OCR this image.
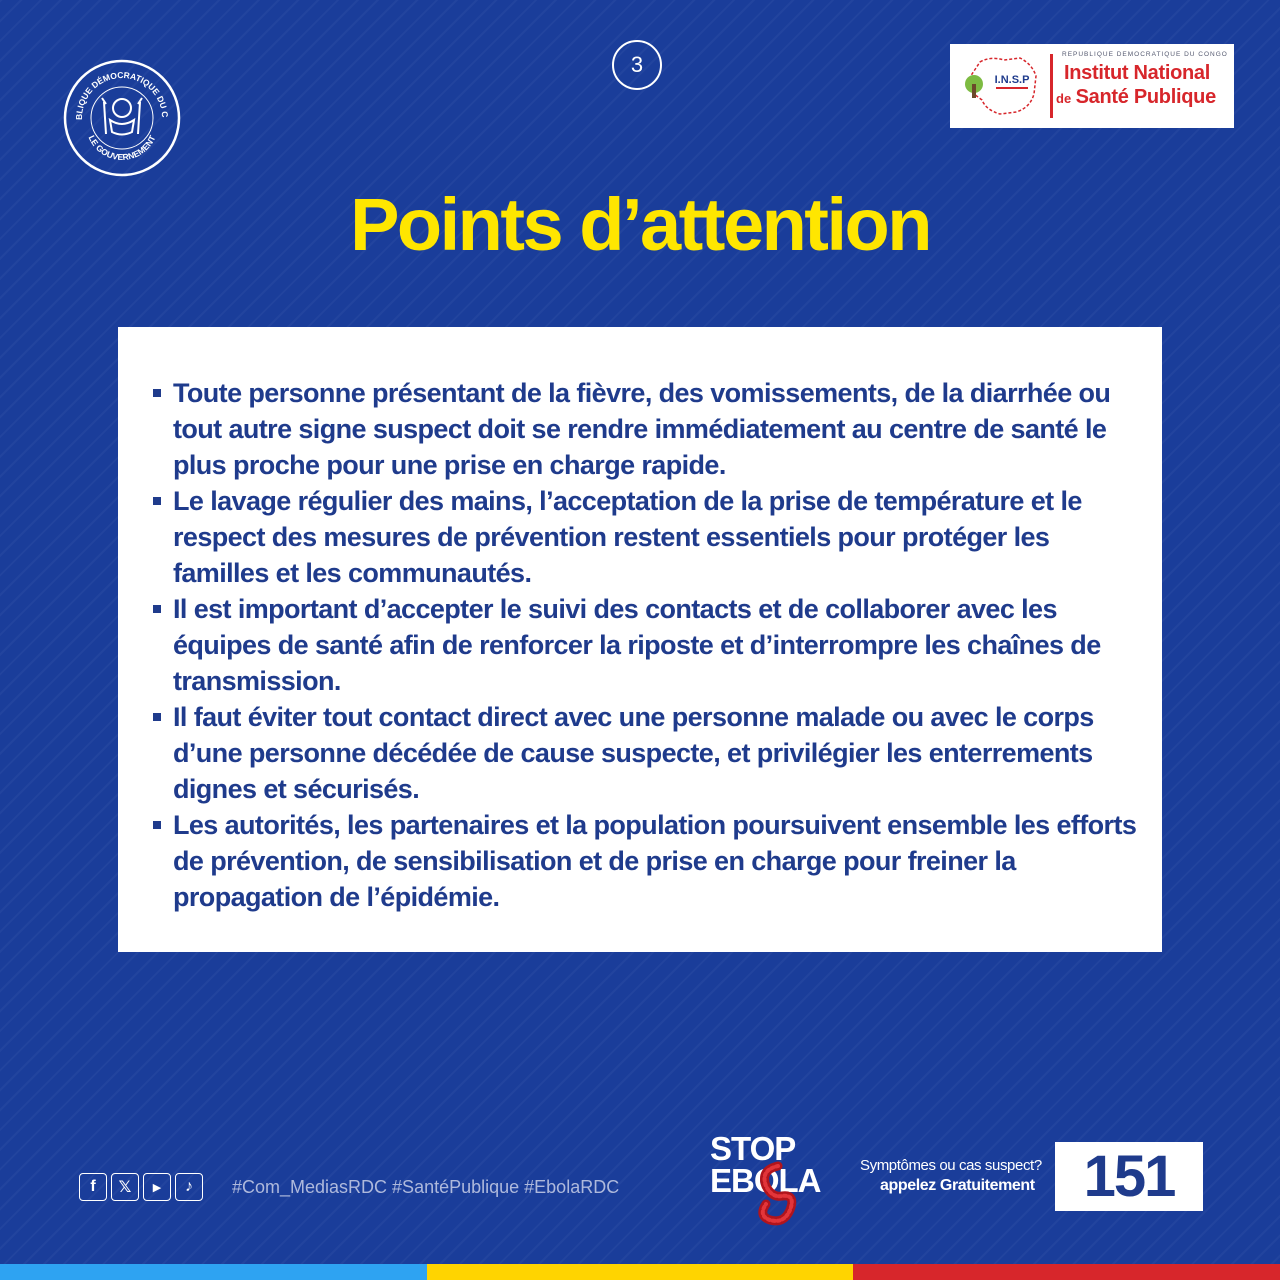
BLIQUE DÉMOCRATIQUE DU C
LE GOUVERNEMENT
3
I.N.S.P
REPUBLIQUE DEMOCRATIQUE DU CONGO
Institut National
de Santé Publique
Points d’attention
Toute personne présentant de la fièvre, des vomissements, de la diarrhée ou tout autre signe suspect doit se rendre immédiatement au centre de santé le plus proche pour une prise en charge rapide.
Le lavage régulier des mains, l’acceptation de la prise de température et le respect des mesures de prévention restent essentiels pour protéger les familles et les communautés.
Il est important d’accepter le suivi des contacts et de collaborer avec les équipes de santé afin de renforcer la riposte et d’interrompre les chaînes de transmission.
Il faut éviter tout contact direct avec une personne malade ou avec le corps d’une personne décédée de cause suspecte, et privilégier les enterrements dignes et sécurisés.
Les autorités, les partenaires et la population poursuivent ensemble les efforts de prévention, de sensibilisation et de prise en charge pour freiner la propagation de l’épidémie.
f	𝕏	▶	♪	#Com_MediasRDC #SantéPublique #EbolaRDC
STOP
EBOLA	Symptômes ou cas suspect?
appelez Gratuitement 151
